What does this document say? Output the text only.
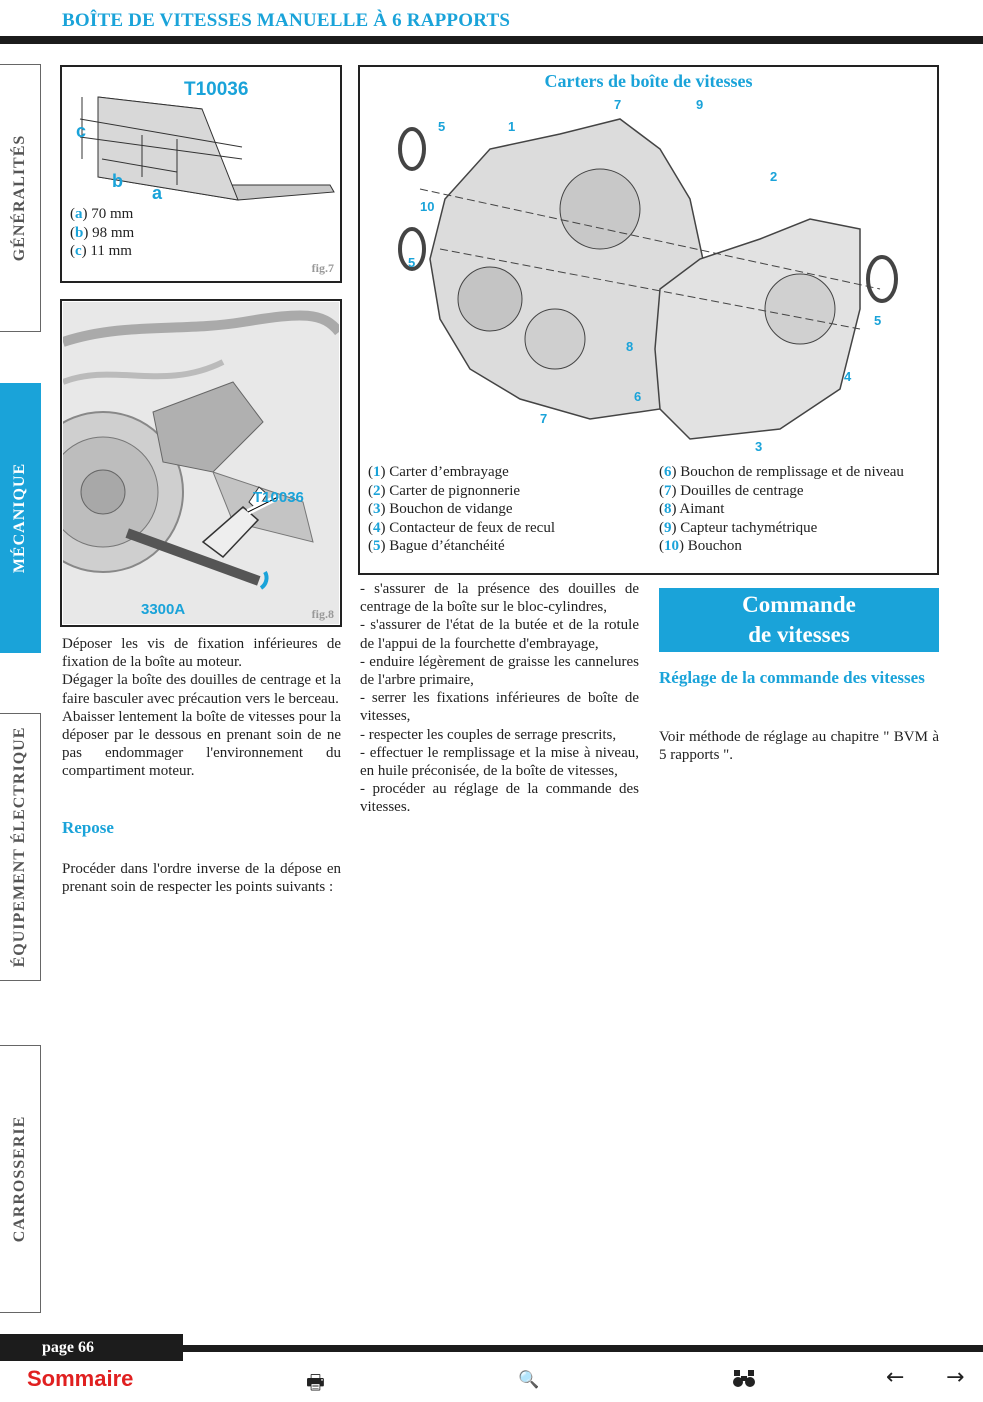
BOÎTE DE VITESSES MANUELLE À 6 RAPPORTS
GÉNÉRALITÉS
MÉCANIQUE
ÉQUIPEMENT ÉLECTRIQUE
CARROSSERIE
T10036
c
b
a
(a) 70 mm
(b) 98 mm
(c) 11 mm
fig.7
T10036
3300A	fig.8
Carters de boîte de vitesses
1
2
3
4
5
5
5
6
7
7
8
9
10
(1) Carter d’embrayage
(2) Carter de pignonnerie
(3) Bouchon de vidange
(4) Contacteur de feux de recul
(5) Bague d’étanchéité
(6) Bouchon de remplissage et de niveau
(7) Douilles de centrage
(8) Aimant
(9) Capteur tachymétrique
(10) Bouchon

Déposer les vis de fixation inférieures de fixation de la boîte au moteur.

Dégager la boîte des douilles de centrage et la faire basculer avec précaution vers le berceau.

Abaisser lentement la boîte de vitesses pour la déposer par le dessous en prenant soin de ne pas endommager l'environnement du compartiment moteur.

Repose
Procéder dans l'ordre inverse de la dépose en prenant soin de respecter les points suivants :

- s'assurer de la présence des douilles de centrage de la boîte sur le bloc-cylindres,

- s'assurer de l'état de la butée et de la rotule de l'appui de la fourchette d'embrayage,

- enduire légèrement de graisse les cannelures de l'arbre primaire,

- serrer les fixations inférieures de boîte de vitesses,

- respecter les couples de serrage prescrits,

- effectuer le remplissage et la mise à niveau, en huile préconisée, de la boîte de vitesses,

- procéder au réglage de la commande des vitesses.

Commande
de vitesses
Réglage de la commande des vitesses
Voir méthode de réglage au chapitre " BVM à 5 rapports ".
page 66
Sommaire	🖶	🔍	← →
